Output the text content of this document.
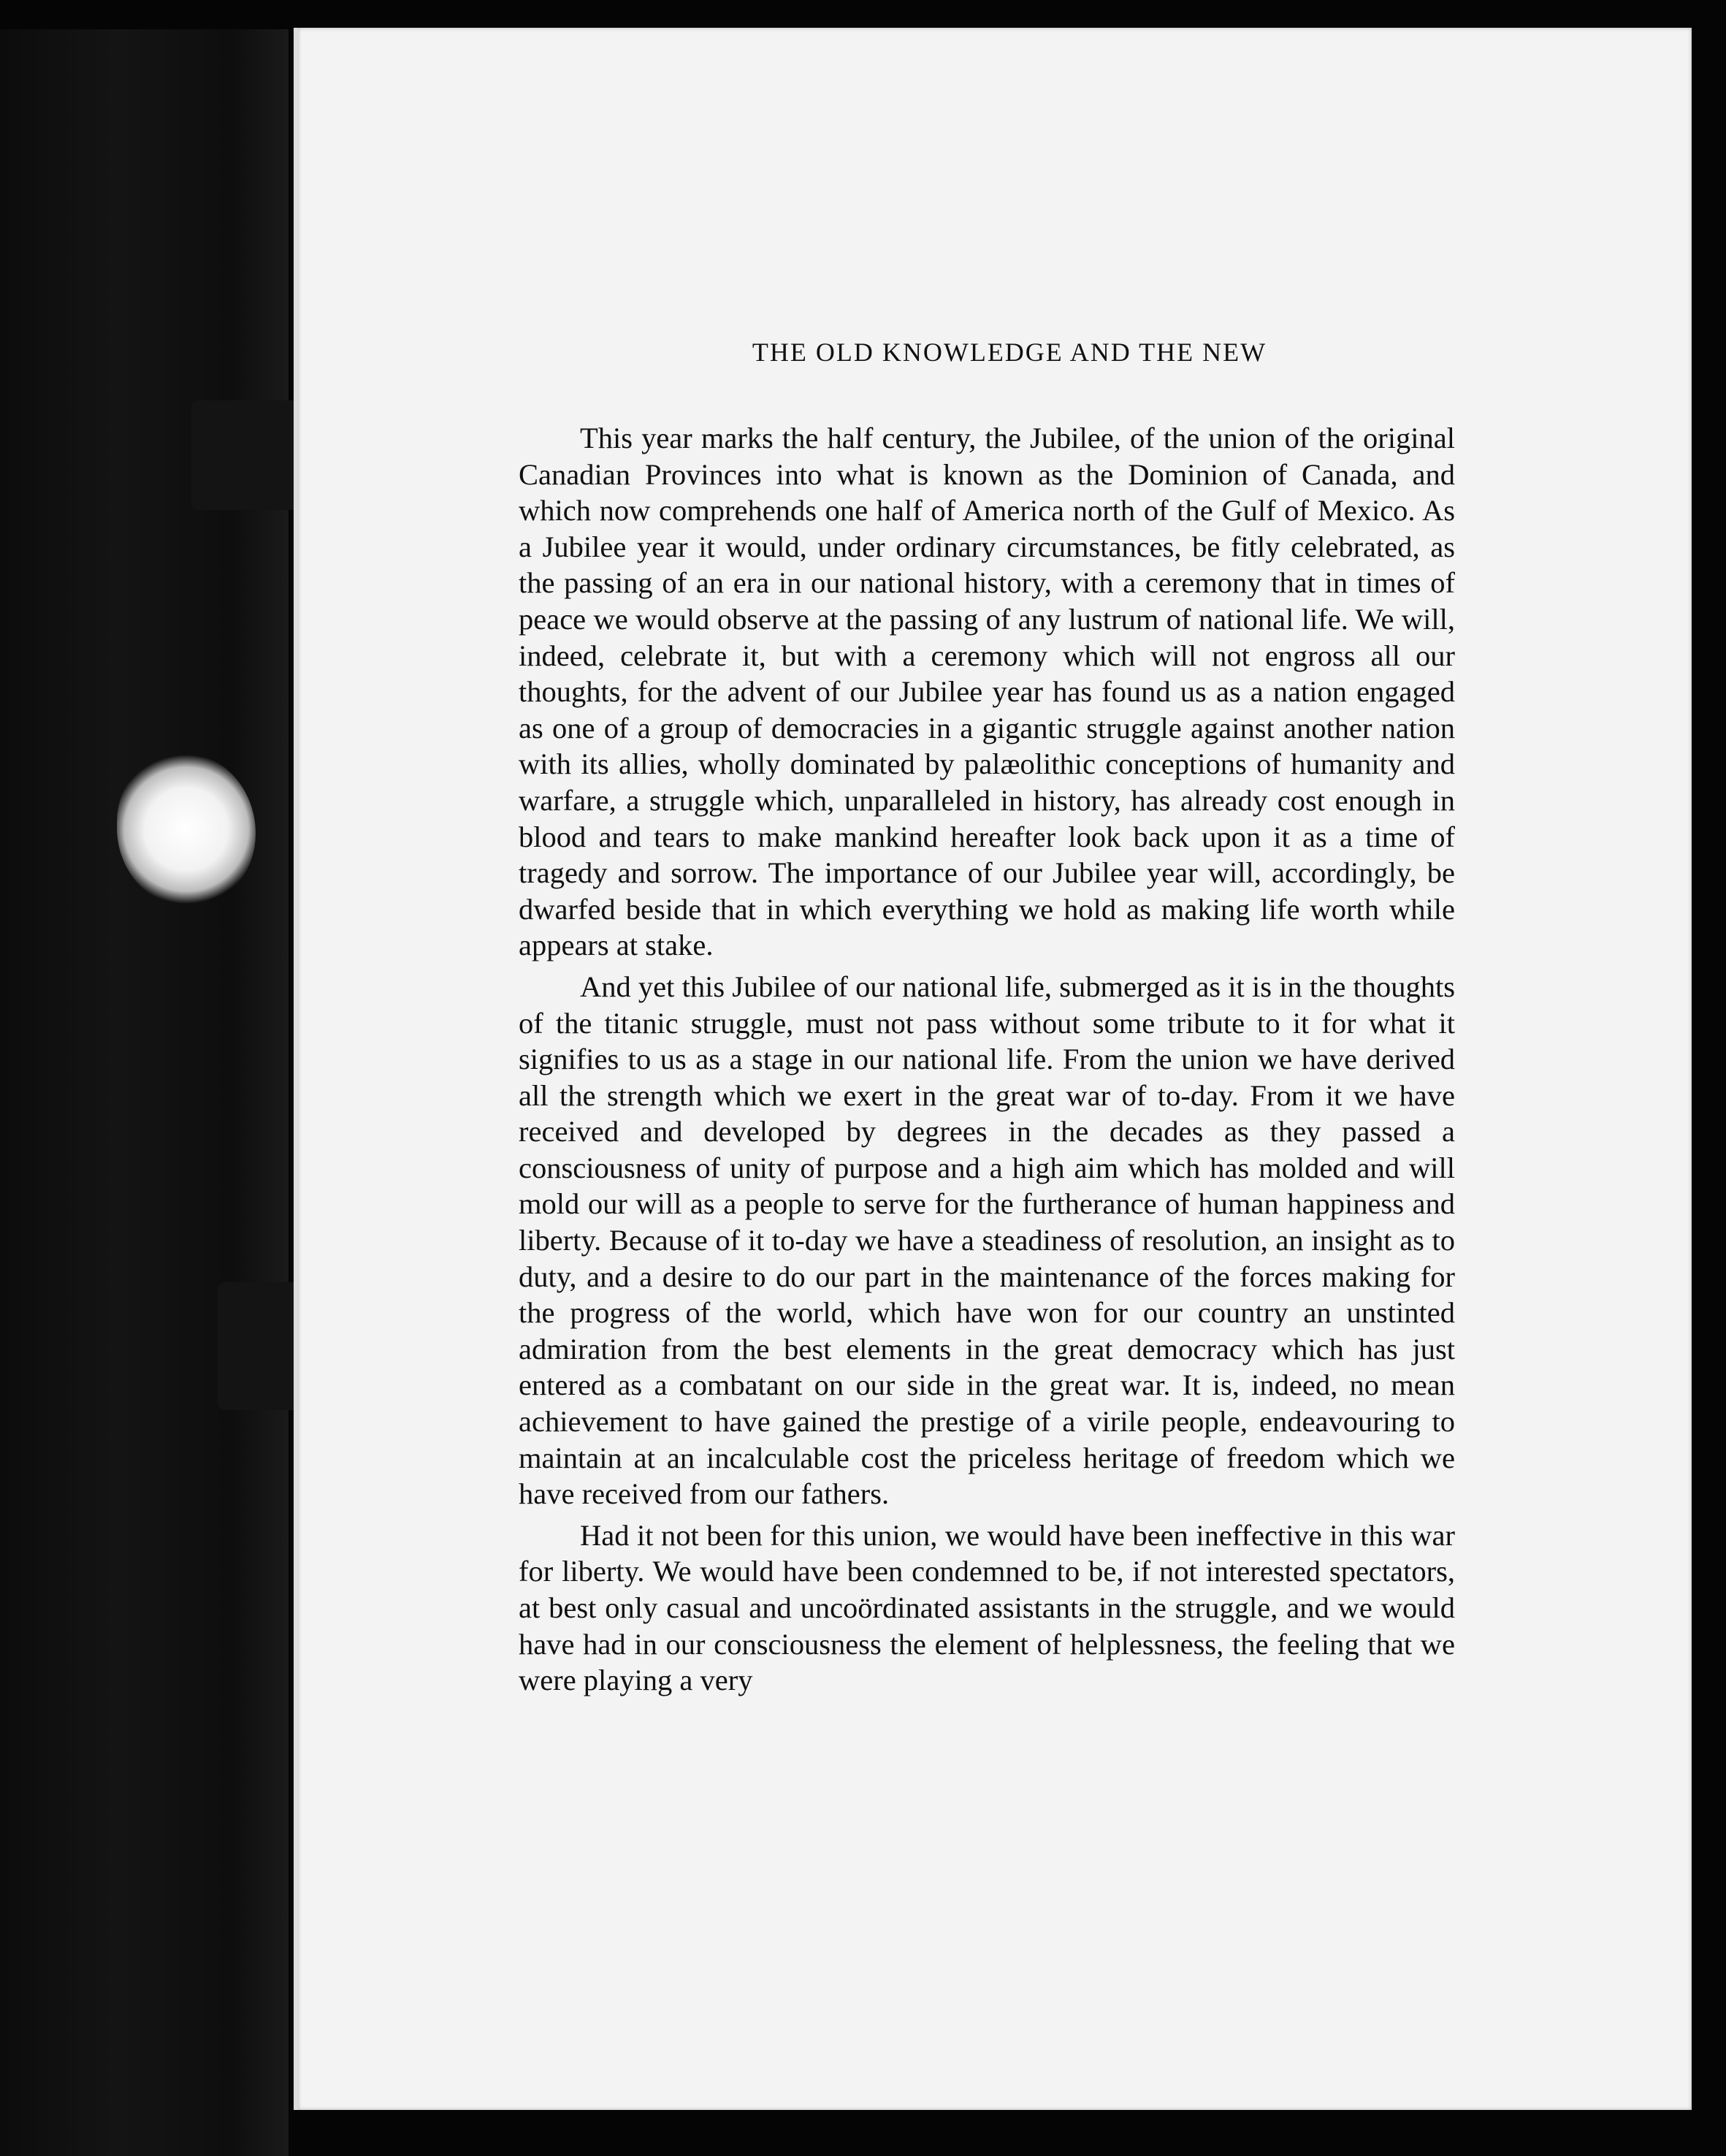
THE OLD KNOWLEDGE AND THE NEW

This year marks the half century, the Jubilee, of the union of the original Canadian Provinces into what is known as the Dominion of Canada, and which now comprehends one half of America north of the Gulf of Mexico. As a Jubilee year it would, under ordinary circumstances, be fitly celebrated, as the passing of an era in our national history, with a ceremony that in times of peace we would observe at the passing of any lustrum of national life. We will, indeed, celebrate it, but with a ceremony which will not engross all our thoughts, for the advent of our Jubilee year has found us as a nation engaged as one of a group of democracies in a gigantic struggle against another nation with its allies, wholly dominated by palæolithic conceptions of humanity and warfare, a struggle which, unparalleled in history, has already cost enough in blood and tears to make mankind hereafter look back upon it as a time of tragedy and sorrow. The importance of our Jubilee year will, accordingly, be dwarfed beside that in which everything we hold as making life worth while appears at stake.

And yet this Jubilee of our national life, submerged as it is in the thoughts of the titanic struggle, must not pass without some tribute to it for what it signifies to us as a stage in our national life. From the union we have derived all the strength which we exert in the great war of to-day. From it we have received and developed by degrees in the decades as they passed a consciousness of unity of purpose and a high aim which has molded and will mold our will as a people to serve for the furtherance of human happiness and liberty. Because of it to-day we have a steadiness of resolution, an insight as to duty, and a desire to do our part in the maintenance of the forces making for the progress of the world, which have won for our country an unstinted admiration from the best elements in the great democracy which has just entered as a combatant on our side in the great war. It is, indeed, no mean achievement to have gained the prestige of a virile people, endeavouring to maintain at an incalculable cost the priceless heritage of freedom which we have received from our fathers.

Had it not been for this union, we would have been ineffective in this war for liberty. We would have been condemned to be, if not interested spectators, at best only casual and uncoördinated assistants in the struggle, and we would have had in our consciousness the element of helplessness, the feeling that we were playing a very
